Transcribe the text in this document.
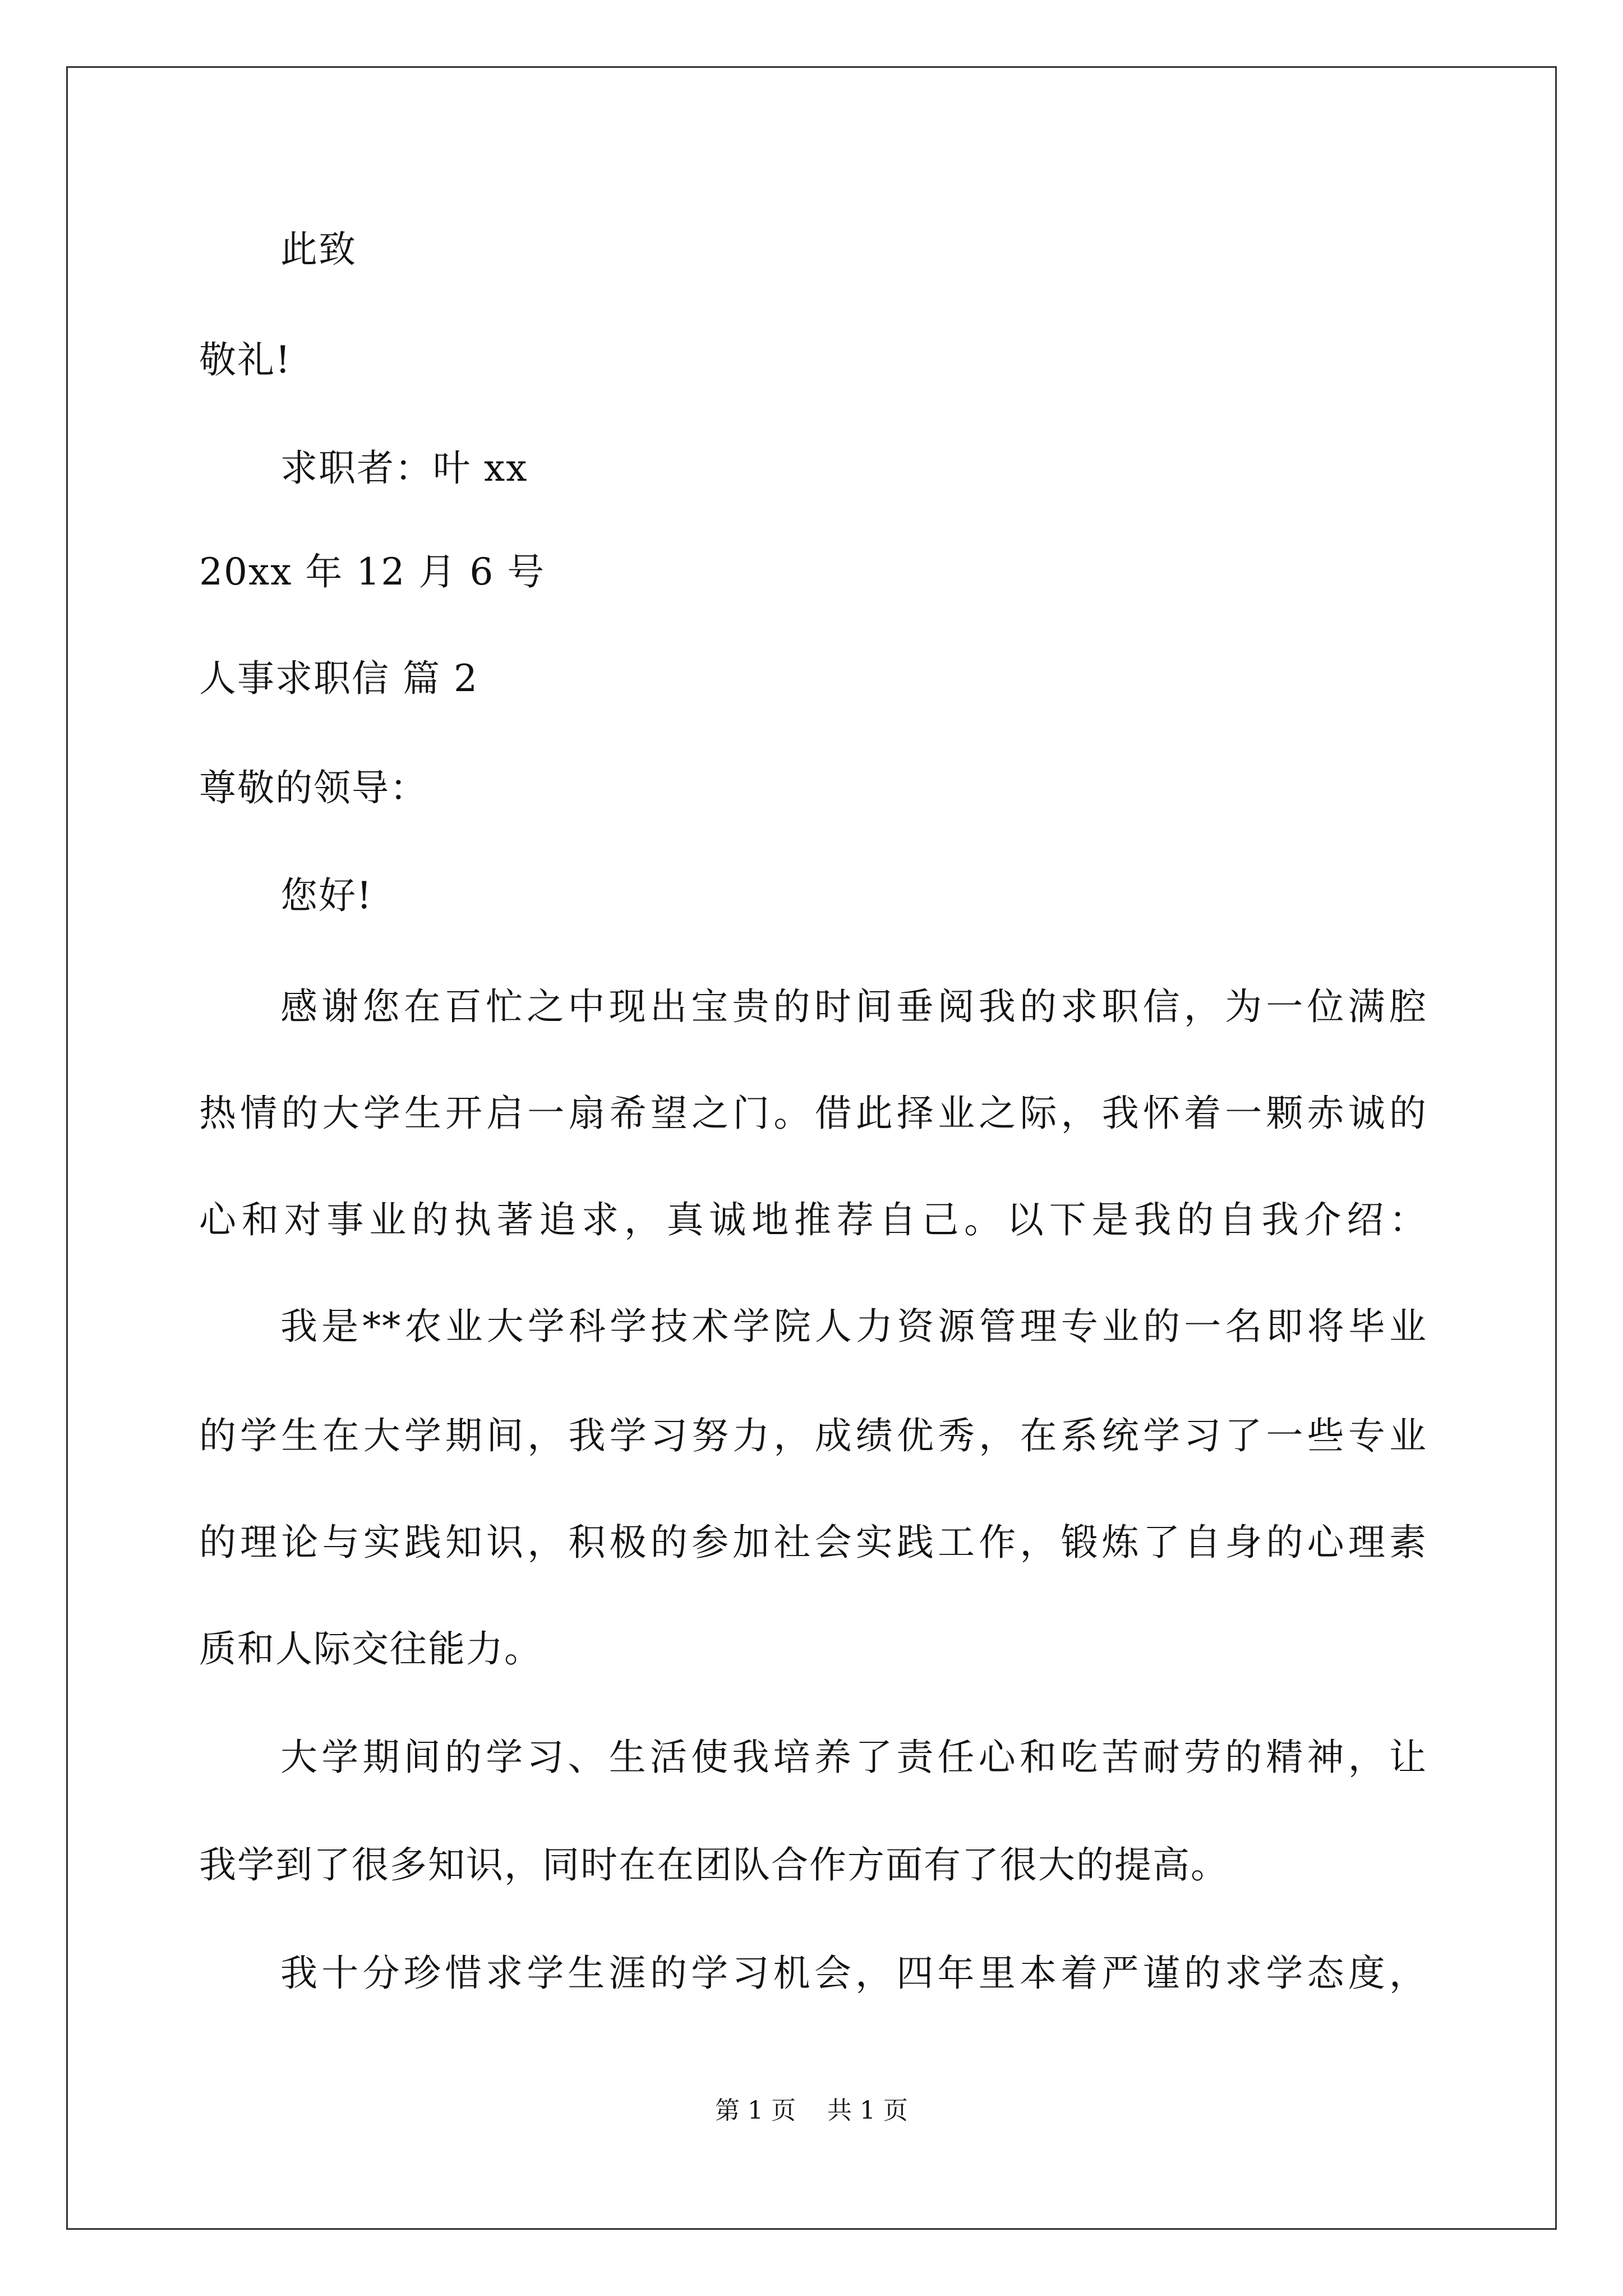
此致
敬礼!
求职者：叶 xx
20xx 年 12 月 6 号
人事求职信 篇 2
尊敬的领导：
您好!
感谢您在百忙之中现出宝贵的时间垂阅我的求职信，为一位满腔
热情的大学生开启一扇希望之门。借此择业之际，我怀着一颗赤诚的
心和对事业的执著追求，真诚地推荐自己。以下是我的自我介绍：
我是**农业大学科学技术学院人力资源管理专业的一名即将毕业
的学生在大学期间，我学习努力，成绩优秀，在系统学习了一些专业
的理论与实践知识，积极的参加社会实践工作，锻炼了自身的心理素
质和人际交往能力。
大学期间的学习、生活使我培养了责任心和吃苦耐劳的精神，让
我学到了很多知识，同时在在团队合作方面有了很大的提高。
我十分珍惜求学生涯的学习机会，四年里本着严谨的求学态度，
第 1 页    共 1 页
